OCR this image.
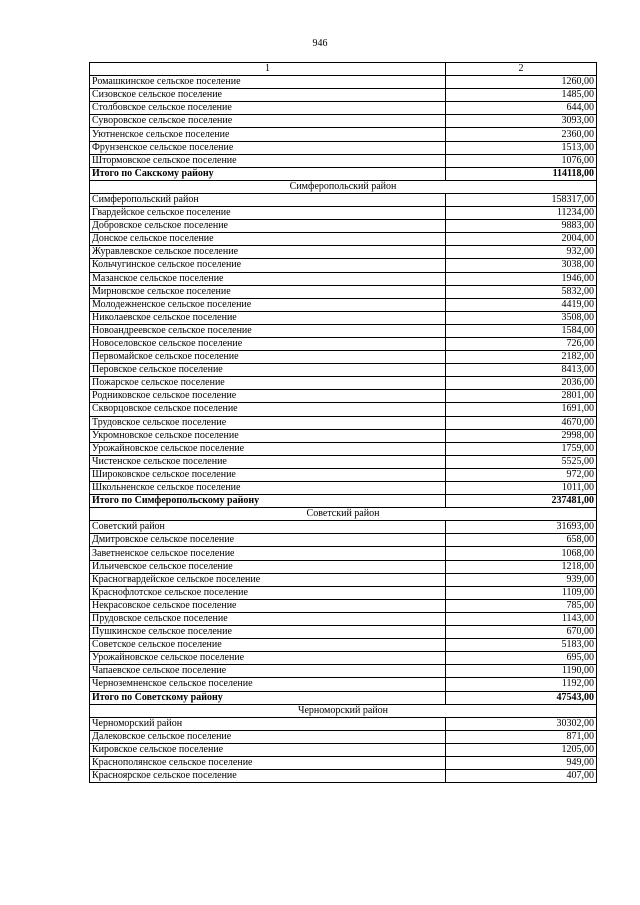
946
1	2
Ромашкинское сельское поселение	1260,00
Сизовское сельское поселение	1485,00
Столбовское сельское поселение	644,00
Суворовское сельское поселение	3093,00
Уютненское сельское поселение	2360,00
Фрунзенское сельское поселение	1513,00
Штормовское сельское поселение	1076,00
Итого по Сакскому району	114118,00
Симферопольский район	
Симферопольский район	158317,00
Гвардейское сельское поселение	11234,00
Добровское сельское поселение	9883,00
Донское сельское поселение	2004,00
Журавлевское сельское поселение	932,00
Кольчугинское сельское поселение	3038,00
Мазанское сельское поселение	1946,00
Мирновское сельское поселение	5832,00
Молодежненское сельское поселение	4419,00
Николаевское сельское поселение	3508,00
Новоандреевское сельское поселение	1584,00
Новоселовское сельское поселение	726,00
Первомайское сельское поселение	2182,00
Перовское сельское поселение	8413,00
Пожарское сельское поселение	2036,00
Родниковское сельское поселение	2801,00
Скворцовское сельское поселение	1691,00
Трудовское сельское поселение	4670,00
Укромновское сельское поселение	2998,00
Урожайновское сельское поселение	1759,00
Чистенское сельское поселение	5525,00
Широковское сельское поселение	972,00
Школьненское сельское поселение	1011,00
Итого по Симферопольскому району	237481,00
Советский район	
Советский район	31693,00
Дмитровское сельское поселение	658,00
Заветненское сельское поселение	1068,00
Ильичевское сельское поселение	1218,00
Красногвардейское сельское поселение	939,00
Краснофлотское сельское поселение	1109,00
Некрасовское сельское поселение	785,00
Прудовское сельское поселение	1143,00
Пушкинское сельское поселение	670,00
Советское сельское поселение	5183,00
Урожайновское сельское поселение	695,00
Чапаевское сельское поселение	1190,00
Черноземненское сельское поселение	1192,00
Итого по Советскому району	47543,00
Черноморский район	
Черноморский район	30302,00
Далековское сельское поселение	871,00
Кировское сельское поселение	1205,00
Краснополянское сельское поселение	949,00
Красноярское сельское поселение	407,00
